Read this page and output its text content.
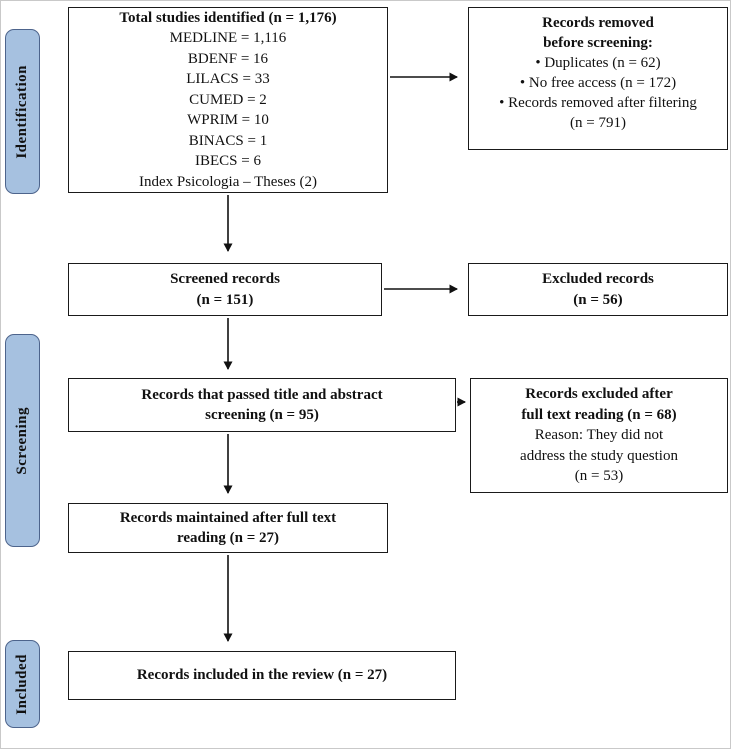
Identification
Screening
Included
Total studies identified (n = 1,176)
MEDLINE = 1,116
BDENF = 16
LILACS = 33
CUMED = 2
WPRIM = 10
BINACS = 1
IBECS = 6
Index Psicologia – Theses (2)
Records removed
before screening:
• Duplicates (n = 62)
• No free access (n = 172)
• Records removed after filtering (n = 791)
Screened records
(n = 151)
Excluded records
(n = 56)
Records that passed title and abstract
screening (n = 95)
Records excluded after
full text reading (n = 68)
Reason: They did not
address the study question
(n = 53)
Records maintained after full text
reading (n = 27)
Records included in the review (n = 27)
